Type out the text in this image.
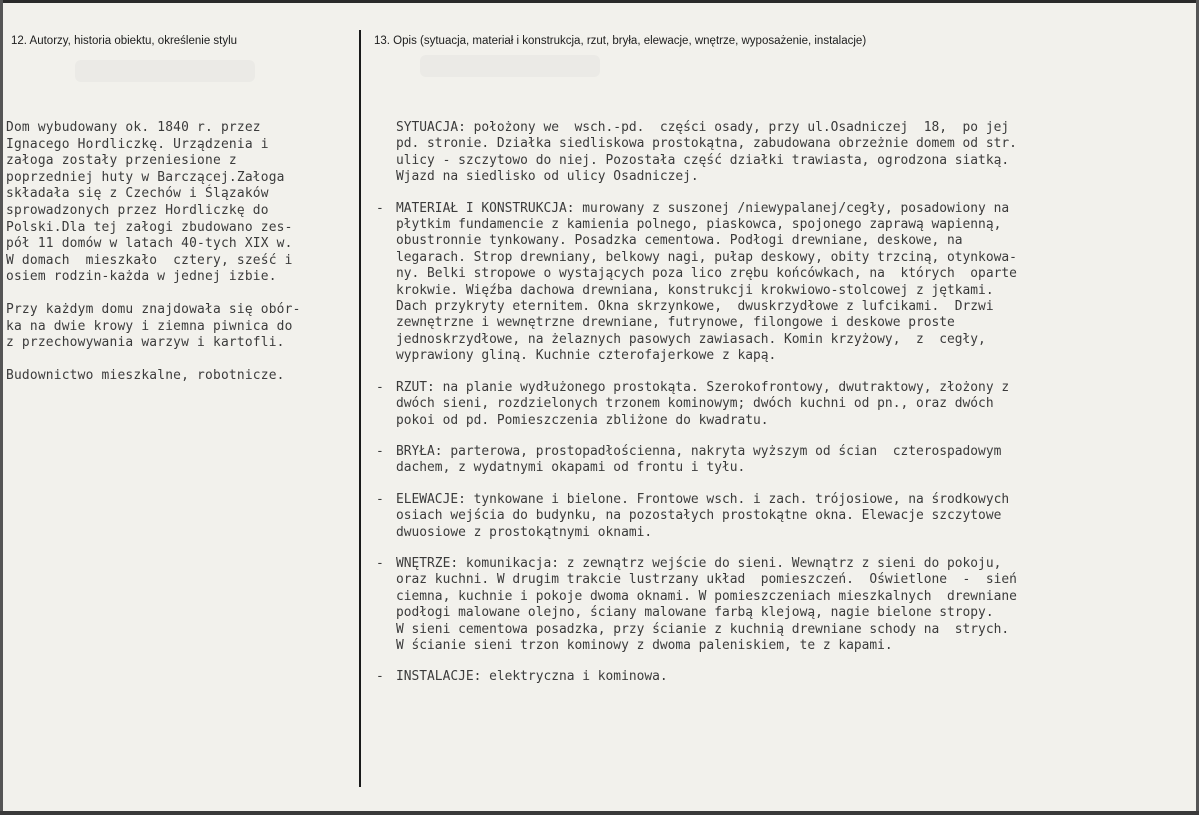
12. Autorzy, historia obiektu, określenie stylu	13. Opis (sytuacja, materiał i konstrukcja, rzut, bryła, elewacje, wnętrze, wyposażenie, instalacje)
Dom wybudowany ok. 1840 r. przez
Ignacego Hordliczkę. Urządzenia i
załoga zostały przeniesione z
poprzedniej huty w Barczącej.Załoga
składała się z Czechów i Ślązaków
sprowadzonych przez Hordliczkę do
Polski.Dla tej załogi zbudowano zes-
pół 11 domów w latach 40-tych XIX w.
W domach  mieszkało  cztery, sześć i
osiem rodzin-każda w jednej izbie.
Przy każdym domu znajdowała się obór-
ka na dwie krowy i ziemna piwnica do
z przechowywania warzyw i kartofli.
Budownictwo mieszkalne, robotnicze.
SYTUACJA: położony we  wsch.-pd.  części osady, przy ul.Osadniczej  18,  po jej
pd. stronie. Działka siedliskowa prostokątna, zabudowana obrzeżnie domem od str.
ulicy - szczytowo do niej. Pozostała część działki trawiasta, ogrodzona siatką.
Wjazd na siedlisko od ulicy Osadniczej.
- MATERIAŁ I KONSTRUKCJA: murowany z suszonej /niewypalanej/cegły, posadowiony na
płytkim fundamencie z kamienia polnego, piaskowca, spojonego zaprawą wapienną,
obustronnie tynkowany. Posadzka cementowa. Podłogi drewniane, deskowe, na
legarach. Strop drewniany, belkowy nagi, pułap deskowy, obity trzciną, otynkowa-
ny. Belki stropowe o wystających poza lico zrębu końcówkach, na  których  oparte
krokwie. Więźba dachowa drewniana, konstrukcji krokwiowo-stolcowej z jętkami.
Dach przykryty eternitem. Okna skrzynkowe,  dwuskrzydłowe z lufcikami.  Drzwi
zewnętrzne i wewnętrzne drewniane, futrynowe, filongowe i deskowe proste
jednoskrzydłowe, na żelaznych pasowych zawiasach. Komin krzyżowy,  z  cegły,
wyprawiony gliną. Kuchnie czterofajerkowe z kapą.
- RZUT: na planie wydłużonego prostokąta. Szerokofrontowy, dwutraktowy, złożony z
dwóch sieni, rozdzielonych trzonem kominowym; dwóch kuchni od pn., oraz dwóch
pokoi od pd. Pomieszczenia zbliżone do kwadratu.
- BRYŁA: parterowa, prostopadłościenna, nakryta wyższym od ścian  czterospadowym
dachem, z wydatnymi okapami od frontu i tyłu.
- ELEWACJE: tynkowane i bielone. Frontowe wsch. i zach. trójosiowe, na środkowych
osiach wejścia do budynku, na pozostałych prostokątne okna. Elewacje szczytowe
dwuosiowe z prostokątnymi oknami.
- WNĘTRZE: komunikacja: z zewnątrz wejście do sieni. Wewnątrz z sieni do pokoju,
oraz kuchni. W drugim trakcie lustrzany układ  pomieszczeń.  Oświetlone  -  sień
ciemna, kuchnie i pokoje dwoma oknami. W pomieszczeniach mieszkalnych  drewniane
podłogi malowane olejno, ściany malowane farbą klejową, nagie bielone stropy.
W sieni cementowa posadzka, przy ścianie z kuchnią drewniane schody na  strych.
W ścianie sieni trzon kominowy z dwoma paleniskiem, te z kapami.
- INSTALACJE: elektryczna i kominowa.
